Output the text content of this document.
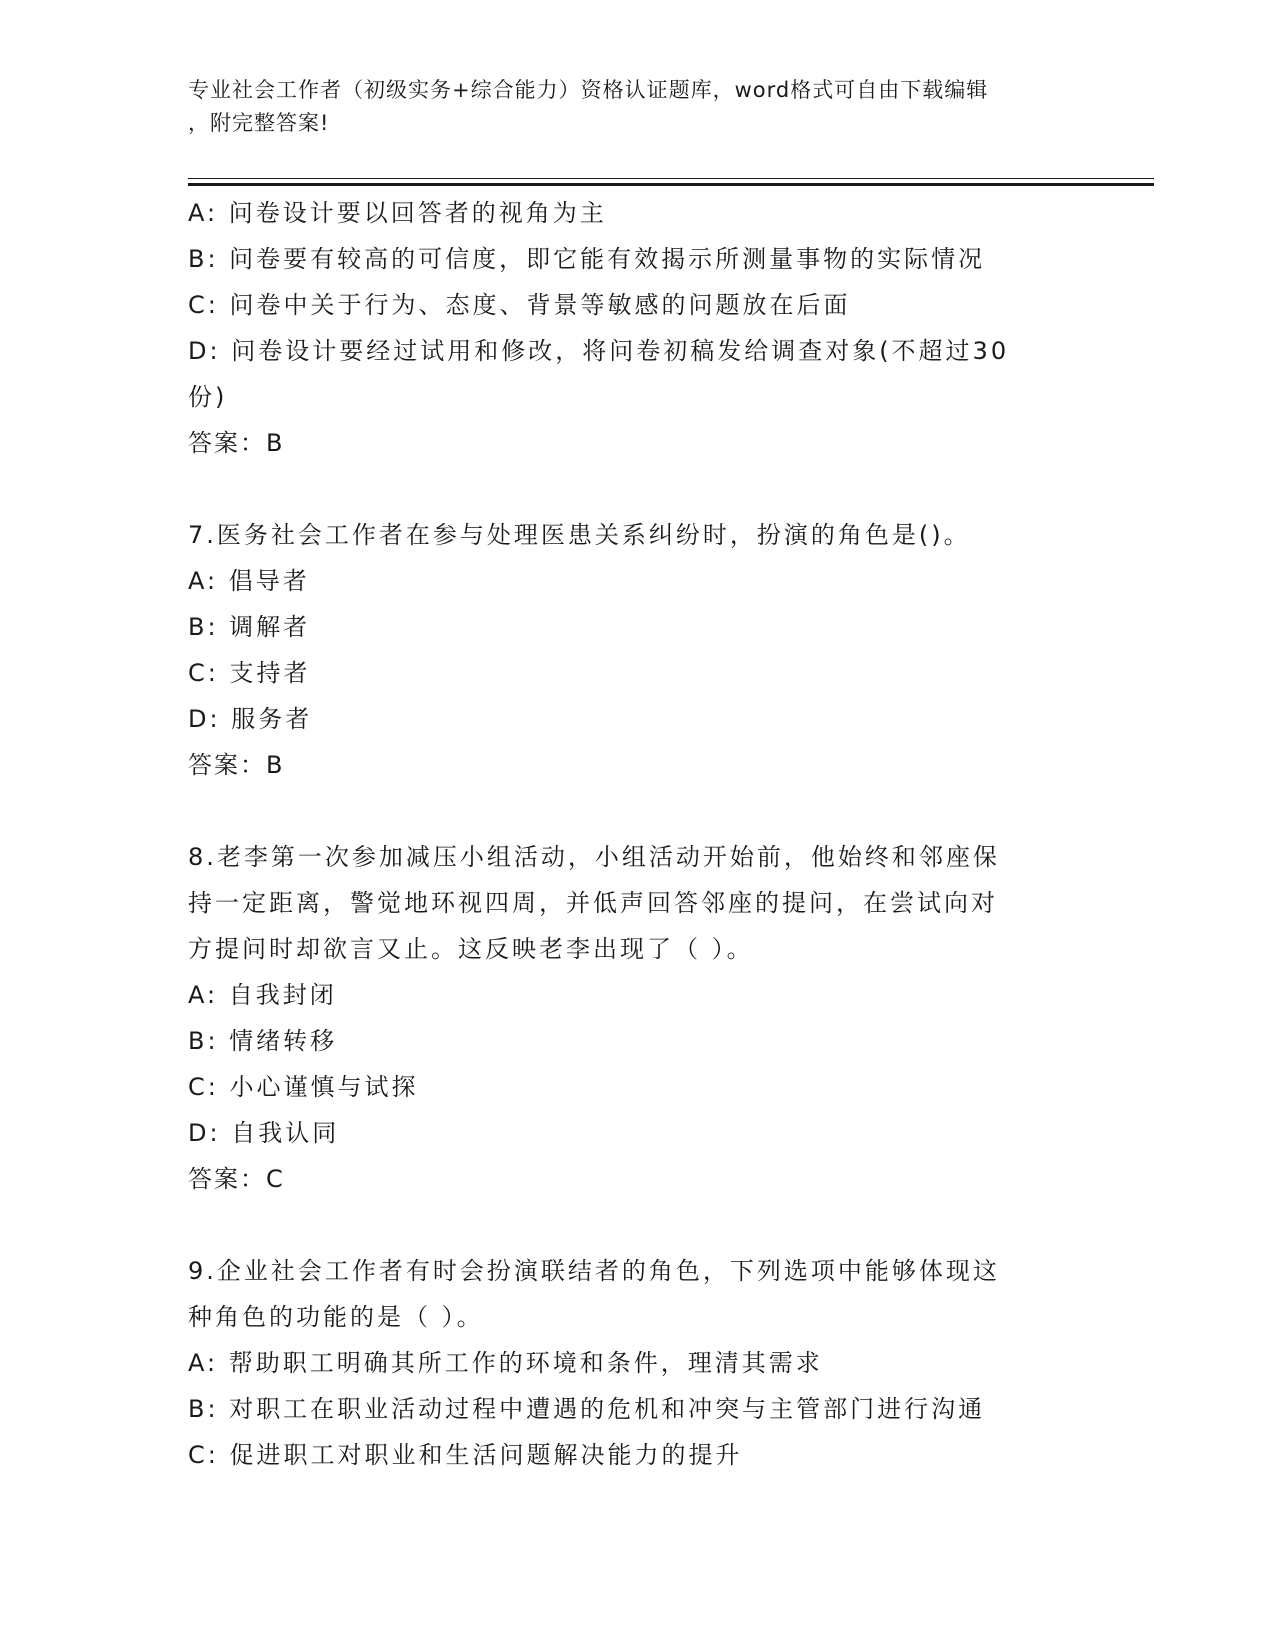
专业社会工作者（初级实务+综合能力）资格认证题库，word格式可自由下载编辑
，附完整答案!
A: 问卷设计要以回答者的视角为主
B: 问卷要有较高的可信度，即它能有效揭示所测量事物的实际情况
C: 问卷中关于行为、态度、背景等敏感的问题放在后面
D: 问卷设计要经过试用和修改，将问卷初稿发给调查对象(不超过30
份)
答案：B
7.医务社会工作者在参与处理医患关系纠纷时，扮演的角色是()。
A: 倡导者
B: 调解者
C: 支持者
D: 服务者
答案：B
8.老李第一次参加减压小组活动，小组活动开始前，他始终和邻座保
持一定距离，警觉地环视四周，并低声回答邻座的提问，在尝试向对
方提问时却欲言又止。这反映老李出现了（ ）。
A: 自我封闭
B: 情绪转移
C: 小心谨慎与试探
D: 自我认同
答案：C
9.企业社会工作者有时会扮演联结者的角色，下列选项中能够体现这
种角色的功能的是（ ）。
A: 帮助职工明确其所工作的环境和条件，理清其需求
B: 对职工在职业活动过程中遭遇的危机和冲突与主管部门进行沟通
C: 促进职工对职业和生活问题解决能力的提升
